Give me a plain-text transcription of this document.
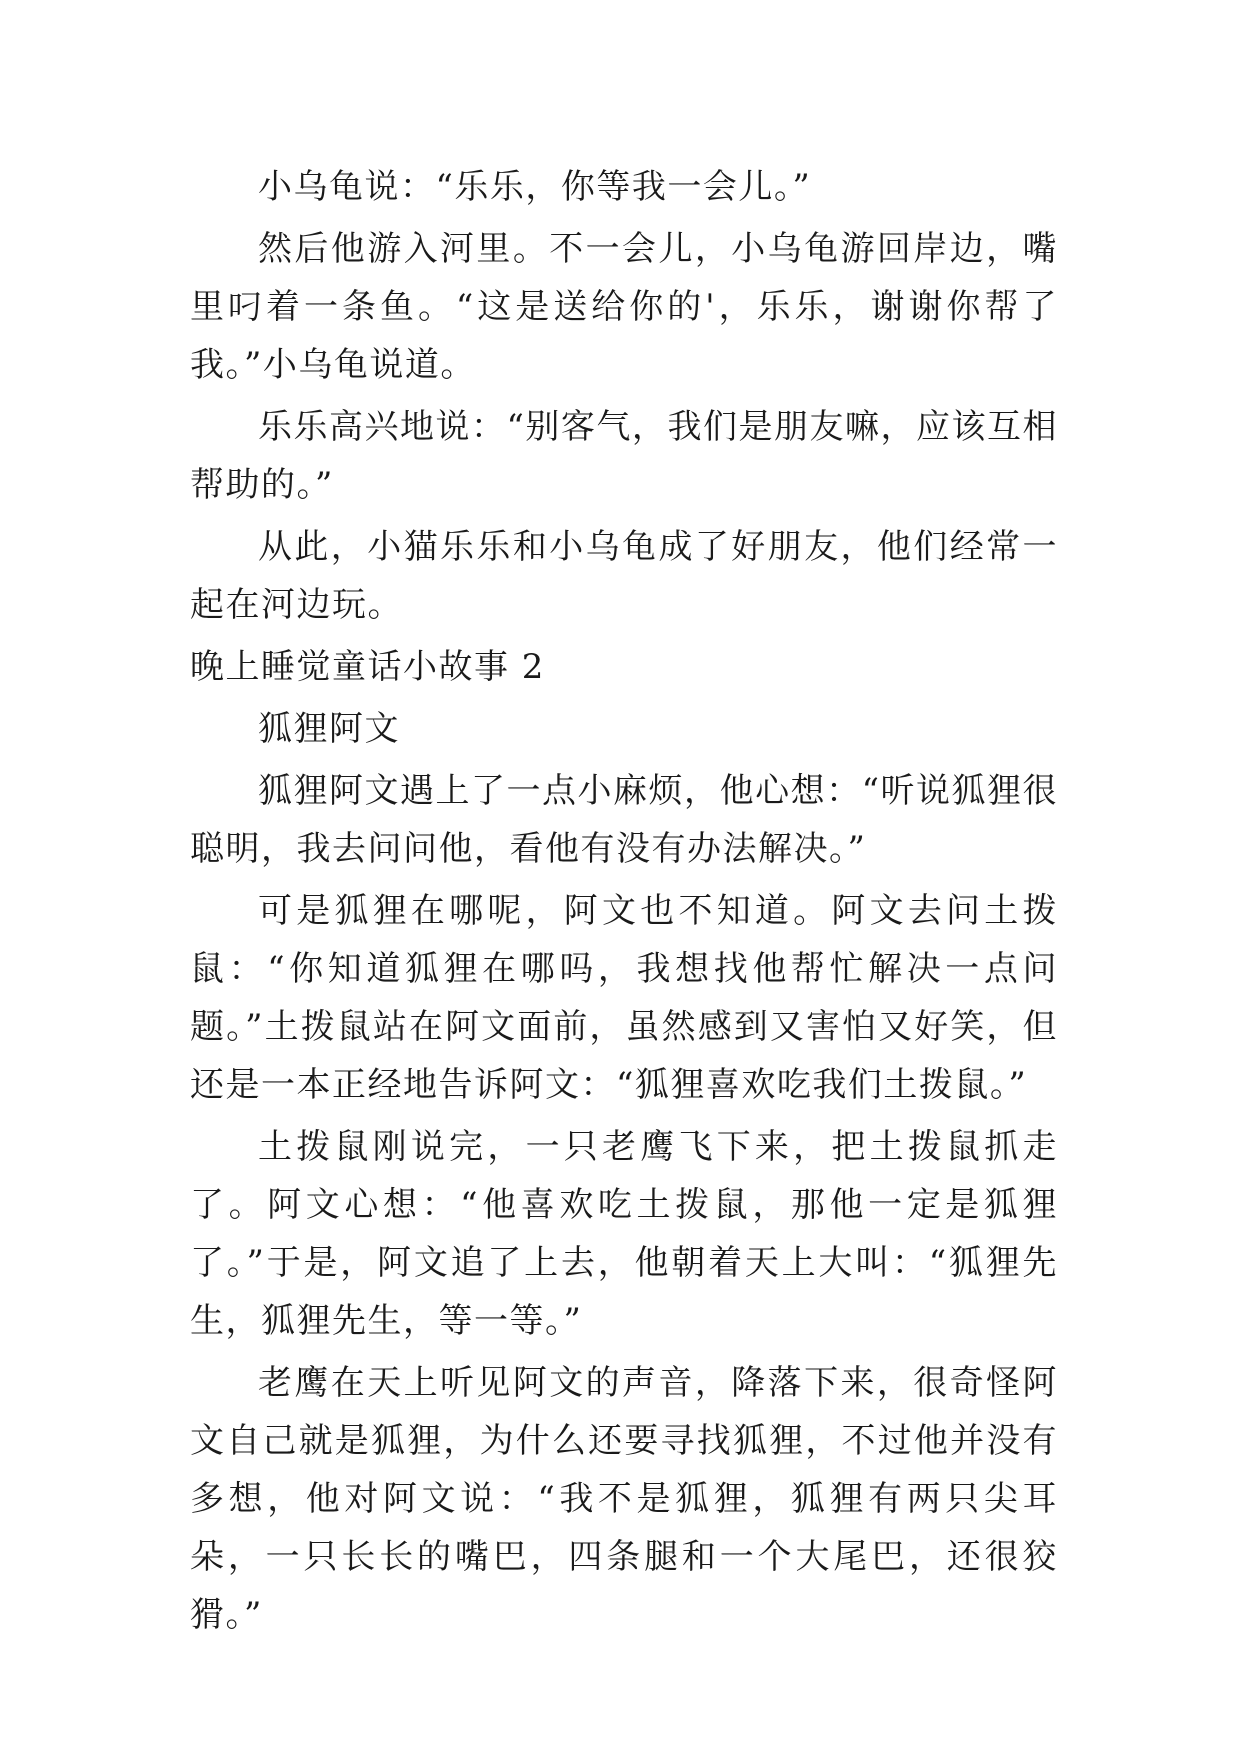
小乌龟说：“乐乐，你等我一会儿。”

然后他游入河里。不一会儿，小乌龟游回岸边，嘴里叼着一条鱼。“这是送给你的'，乐乐，谢谢你帮了我。”小乌龟说道。

乐乐高兴地说：“别客气，我们是朋友嘛，应该互相帮助的。”

从此，小猫乐乐和小乌龟成了好朋友，他们经常一起在河边玩。

晚上睡觉童话小故事 2

狐狸阿文

狐狸阿文遇上了一点小麻烦，他心想：“听说狐狸很聪明，我去问问他，看他有没有办法解决。”

可是狐狸在哪呢，阿文也不知道。阿文去问土拨鼠：“你知道狐狸在哪吗，我想找他帮忙解决一点问题。”土拨鼠站在阿文面前，虽然感到又害怕又好笑，但还是一本正经地告诉阿文：“狐狸喜欢吃我们土拨鼠。”

土拨鼠刚说完，一只老鹰飞下来，把土拨鼠抓走了。阿文心想：“他喜欢吃土拨鼠，那他一定是狐狸了。”于是，阿文追了上去，他朝着天上大叫：“狐狸先生，狐狸先生，等一等。”

老鹰在天上听见阿文的声音，降落下来，很奇怪阿文自己就是狐狸，为什么还要寻找狐狸，不过他并没有多想，他对阿文说：“我不是狐狸，狐狸有两只尖耳朵，一只长长的嘴巴，四条腿和一个大尾巴，还很狡猾。”
